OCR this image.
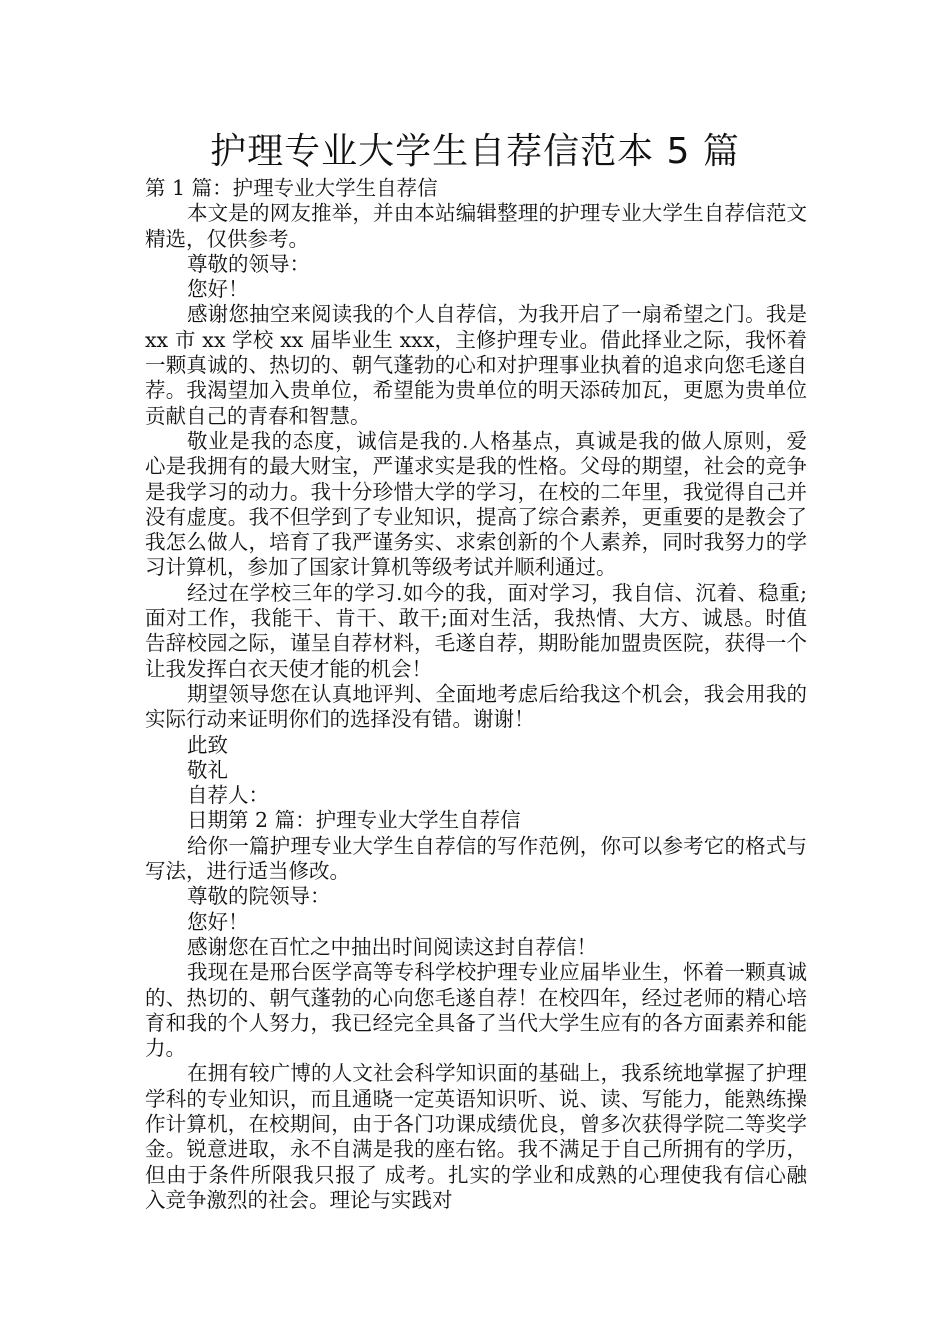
护理专业大学生自荐信范本 5 篇

第 1 篇：护理专业大学生自荐信

本文是的网友推举，并由本站编辑整理的护理专业大学生自荐信范文精选，仅供参考。

尊敬的领导：

您好！

感谢您抽空来阅读我的个人自荐信，为我开启了一扇希望之门。我是 xx 市 xx 学校 xx 届毕业生 xxx，主修护理专业。借此择业之际，我怀着一颗真诚的、热切的、朝气蓬勃的心和对护理事业执着的追求向您毛遂自荐。我渴望加入贵单位，希望能为贵单位的明天添砖加瓦，更愿为贵单位贡献自己的青春和智慧。

敬业是我的态度，诚信是我的.人格基点，真诚是我的做人原则，爱心是我拥有的最大财宝，严谨求实是我的性格。父母的期望，社会的竞争是我学习的动力。我十分珍惜大学的学习，在校的二年里，我觉得自己并没有虚度。我不但学到了专业知识，提高了综合素养，更重要的是教会了我怎么做人，培育了我严谨务实、求索创新的个人素养，同时我努力的学习计算机，参加了国家计算机等级考试并顺利通过。

经过在学校三年的学习.如今的我，面对学习，我自信、沉着、稳重;面对工作，我能干、肯干、敢干;面对生活，我热情、大方、诚恳。时值告辞校园之际，谨呈自荐材料，毛遂自荐，期盼能加盟贵医院，获得一个让我发挥白衣天使才能的机会！

期望领导您在认真地评判、全面地考虑后给我这个机会，我会用我的实际行动来证明你们的选择没有错。谢谢！

此致

敬礼

自荐人：

日期第 2 篇：护理专业大学生自荐信

给你一篇护理专业大学生自荐信的写作范例，你可以参考它的格式与写法，进行适当修改。

尊敬的院领导：

您好！

感谢您在百忙之中抽出时间阅读这封自荐信！

我现在是邢台医学高等专科学校护理专业应届毕业生，怀着一颗真诚的、热切的、朝气蓬勃的心向您毛遂自荐！在校四年，经过老师的精心培育和我的个人努力，我已经完全具备了当代大学生应有的各方面素养和能力。

在拥有较广博的人文社会科学知识面的基础上，我系统地掌握了护理学科的专业知识，而且通晓一定英语知识听、说、读、写能力，能熟练操作计算机，在校期间，由于各门功课成绩优良，曾多次获得学院二等奖学金。锐意进取，永不自满是我的座右铭。我不满足于自己所拥有的学历，但由于条件所限我只报了 成考。扎实的学业和成熟的心理使我有信心融入竞争激烈的社会。理论与实践对
